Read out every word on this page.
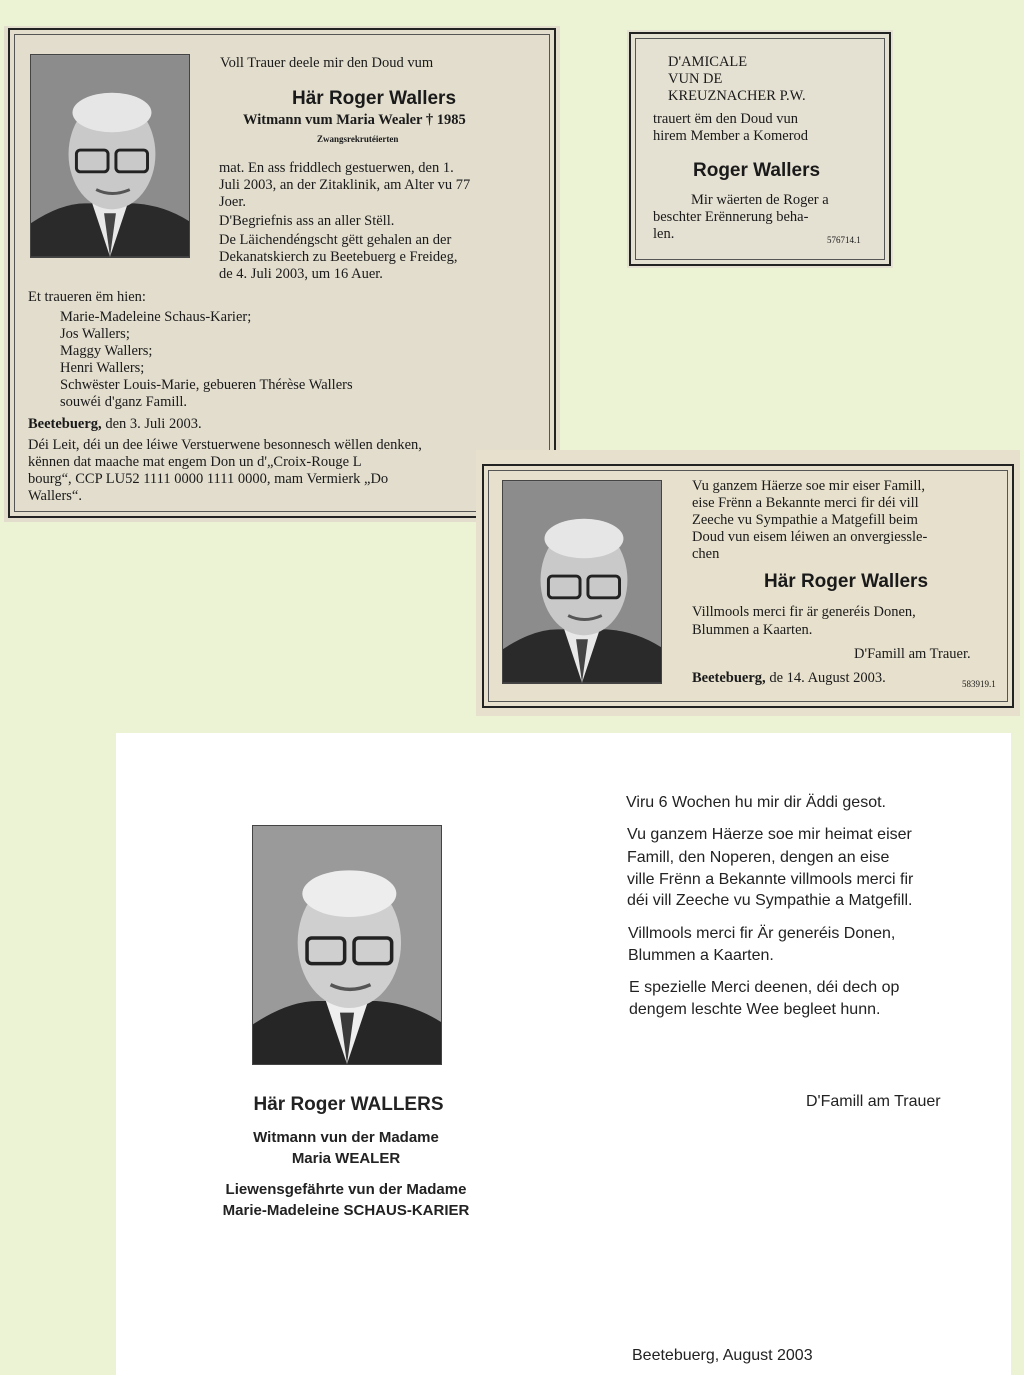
Voll Trauer deele mir den Doud vum

Här Roger Wallers

Witmann vum Maria Wealer † 1985

Zwangsrekrutéierten

mat. En ass friddlech gestuerwen, den 1.

Juli 2003, an der Zitaklinik, am Alter vu 77

Joer.

D'Begriefnis ass an aller Stëll.

De Läichendéngscht gëtt gehalen an der

Dekanatskierch zu Beetebuerg e Freideg,

de 4. Juli 2003, um 16 Auer.

Et traueren ëm hien:

Marie-Madeleine Schaus-Karier;

Jos Wallers;

Maggy Wallers;

Henri Wallers;

Schwëster Louis-Marie, gebueren Thérèse Wallers

souwéi d'ganz Famill.

Beetebuerg, den 3. Juli 2003.

Déi Leit, déi un dee léiwe Verstuerwene besonnesch wëllen denken,

kënnen dat maache mat engem Don un d'„Croix-Rouge L

bourg“, CCP LU52 1111 0000 1111 0000, mam Vermierk „Do

Wallers“.

D'AMICALE

VUN DE

KREUZNACHER P.W.

trauert ëm den Doud vun

hirem Member a Komerod

Roger Wallers

Mir wäerten de Roger a

beschter Erënnerung beha-

len.	576714.1

Vu ganzem Häerze soe mir eiser Famill,

eise Frënn a Bekannte merci fir déi vill

Zeeche vu Sympathie a Matgefill beim

Doud vun eisem léiwen an onvergiessle-

chen

Här Roger Wallers

Villmools merci fir är generéis Donen,

Blummen a Kaarten.

D'Famill am Trauer.

Beetebuerg, de 14. August 2003.	583919.1

Här Roger WALLERS

Witmann vun der Madame

Maria WEALER

Liewensgefährte vun der Madame

Marie-Madeleine SCHAUS-KARIER

Viru 6 Wochen hu mir dir Äddi gesot.

Vu ganzem Häerze soe mir heimat eiser

Famill, den Noperen, dengen an eise

ville Frënn a Bekannte villmools merci fir

déi vill Zeeche vu Sympathie a Matgefill.

Villmools merci fir Är generéis Donen,

Blummen a Kaarten.

E spezielle Merci deenen, déi dech op

dengem leschte Wee begleet hunn.

D'Famill am Trauer

Beetebuerg, August 2003
